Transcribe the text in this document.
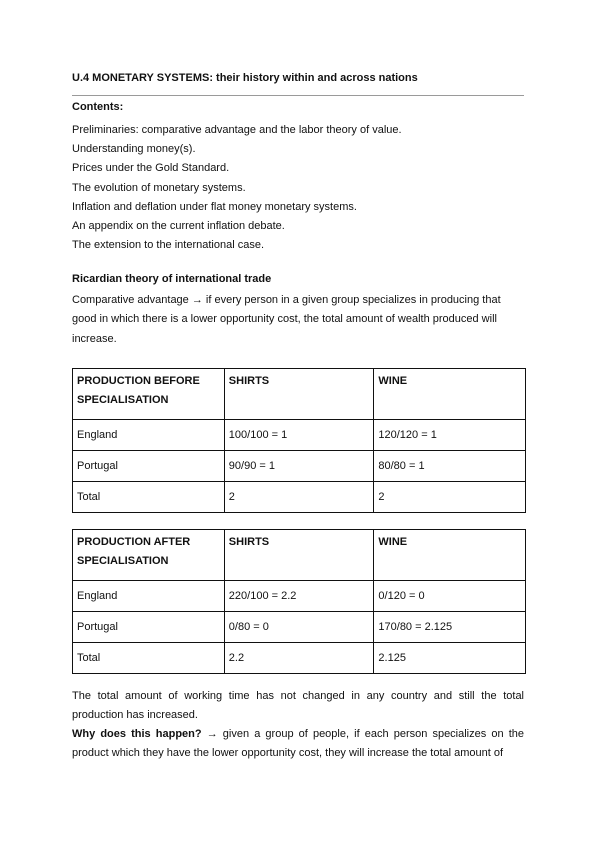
U.4 MONETARY SYSTEMS: their history within and across nations
Contents:
Preliminaries: comparative advantage and the labor theory of value.
Understanding money(s).
Prices under the Gold Standard.
The evolution of monetary systems.
Inflation and deflation under flat money monetary systems.
An appendix on the current inflation debate.
The extension to the international case.
Ricardian theory of international trade
Comparative advantage → if every person in a given group specializes in producing that good in which there is a lower opportunity cost, the total amount of wealth produced will increase.
PRODUCTION BEFORE SPECIALISATION	SHIRTS	WINE
England	100/100 = 1	120/120 = 1
Portugal	90/90 = 1	80/80 = 1
Total	2	2
PRODUCTION AFTER SPECIALISATION	SHIRTS	WINE
England	220/100 = 2.2	0/120 = 0
Portugal	0/80 = 0	170/80 = 2.125
Total	2.2	2.125
The total amount of working time has not changed in any country and still the total production has increased.
Why does this happen? → given a group of people, if each person specializes on the product which they have the lower opportunity cost, they will increase the total amount of
